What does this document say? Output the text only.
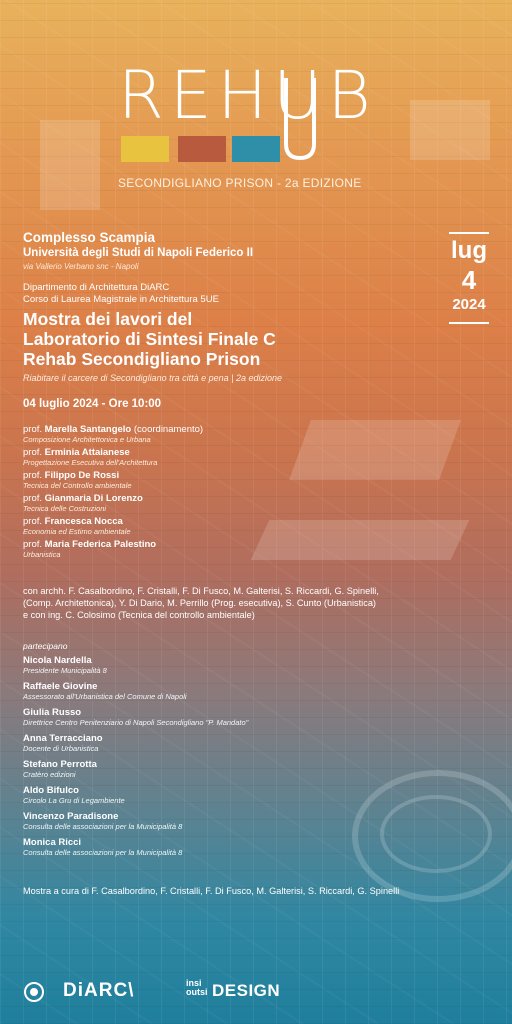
REHUB
SECONDIGLIANO PRISON - 2a EDIZIONE
lug
4
2024
Complesso Scampia
Università degli Studi di Napoli Federico II
via Vallerio Verbano snc - Napoli
Dipartimento di Architettura DiARC
Corso di Laurea Magistrale in Architettura 5UE
Mostra dei lavori del
Laboratorio di Sintesi Finale C
Rehab Secondigliano Prison
Riabitare il carcere di Secondigliano tra città e pena | 2a edizione
04 luglio 2024 - Ore 10:00
prof. Marella Santangelo (coordinamento)
Composizione Architettonica e Urbana
prof. Erminia Attaianese
Progettazione Esecutiva dell'Architettura
prof. Filippo De Rossi
Tecnica del Controllo ambientale
prof. Gianmaria Di Lorenzo
Tecnica delle Costruzioni
prof. Francesca Nocca
Economia ed Estimo ambientale
prof. Maria Federica Palestino
Urbanistica
con archh. F. Casalbordino, F. Cristalli, F. Di Fusco, M. Galterisi, S. Riccardi, G. Spinelli, (Comp. Architettonica), Y. Di Dario, M. Perrillo (Prog. esecutiva), S. Cunto (Urbanistica) e con ing. C. Colosimo (Tecnica del controllo ambientale)
partecipano
Nicola Nardella
Presidente Municipalità 8
Raffaele Giovine
Assessorato all'Urbanistica del Comune di Napoli
Giulia Russo
Direttrice Centro Penitenziario di Napoli Secondigliano "P. Mandato"
Anna Terracciano
Docente di Urbanistica
Stefano Perrotta
Cratèro edizioni
Aldo Bifulco
Circolo La Gru di Legambiente
Vincenzo Paradisone
Consulta delle associazioni per la Municipalità 8
Monica Ricci
Consulta delle associazioni per la Municipalità 8
Mostra a cura di F. Casalbordino, F. Cristalli, F. Di Fusco, M. Galterisi, S. Riccardi, G. Spinelli
DiARC\	insi
outsi DESIGN
